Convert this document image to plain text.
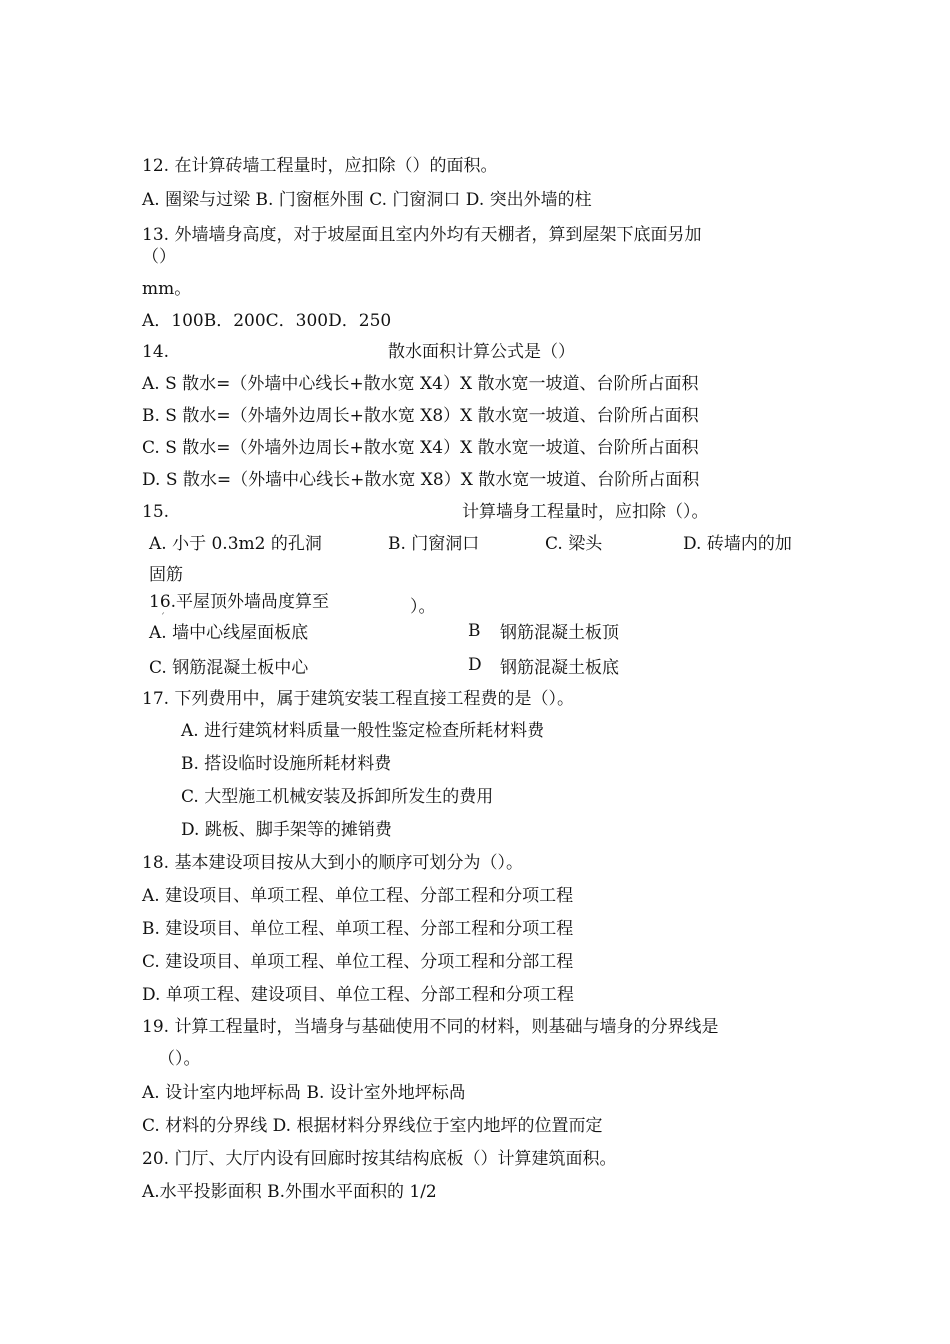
12. 在计算砖墙工程量时，应扣除（）的面积。
A. 圈梁与过梁 B. 门窗框外围 C. 门窗洞口 D. 突出外墙的柱
13. 外墙墙身高度，对于坡屋面且室内外均有天棚者，算到屋架下底面另加
（）
mm。
A．100B．200C．300D．250
14.	散水面积计算公式是（）
A. S 散水=（外墙中心线长+散水宽 X4）X 散水宽一坡道、台阶所占面积
B. S 散水=（外墙外边周长+散水宽 X8）X 散水宽一坡道、台阶所占面积
C. S 散水=（外墙外边周长+散水宽 X4）X 散水宽一坡道、台阶所占面积
D. S 散水=（外墙中心线长+散水宽 X8）X 散水宽一坡道、台阶所占面积
15.	计算墙身工程量时，应扣除（）。
A. 小于 0.3m2 的孔洞	B. 门窗洞口	C. 梁头	D. 砖墙内的加
固筋
16.平屋顶外墙咼度算至	）。
ˊ
A. 墙中心线屋面板底	B 钢筋混凝土板顶
C. 钢筋混凝土板中心	D 钢筋混凝土板底
17. 下列费用中，属于建筑安装工程直接工程费的是（）。
A. 进行建筑材料质量一般性鉴定检查所耗材料费
B. 搭设临时设施所耗材料费
C. 大型施工机械安装及拆卸所发生的费用
D. 跳板、脚手架等的摊销费
18. 基本建设项目按从大到小的顺序可划分为（）。
A. 建设项目、单项工程、单位工程、分部工程和分项工程
B. 建设项目、单位工程、单项工程、分部工程和分项工程
C. 建设项目、单项工程、单位工程、分项工程和分部工程
D. 单项工程、建设项目、单位工程、分部工程和分项工程
19. 计算工程量时，当墙身与基础使用不同的材料，则基础与墙身的分界线是
（）。
A. 设计室内地坪标咼 B. 设计室外地坪标咼
C. 材料的分界线 D. 根据材料分界线位于室内地坪的位置而定
20. 门厅、大厅内设有回廊时按其结构底板（）计算建筑面积。
A.水平投影面积 B.外围水平面积的 1/2
